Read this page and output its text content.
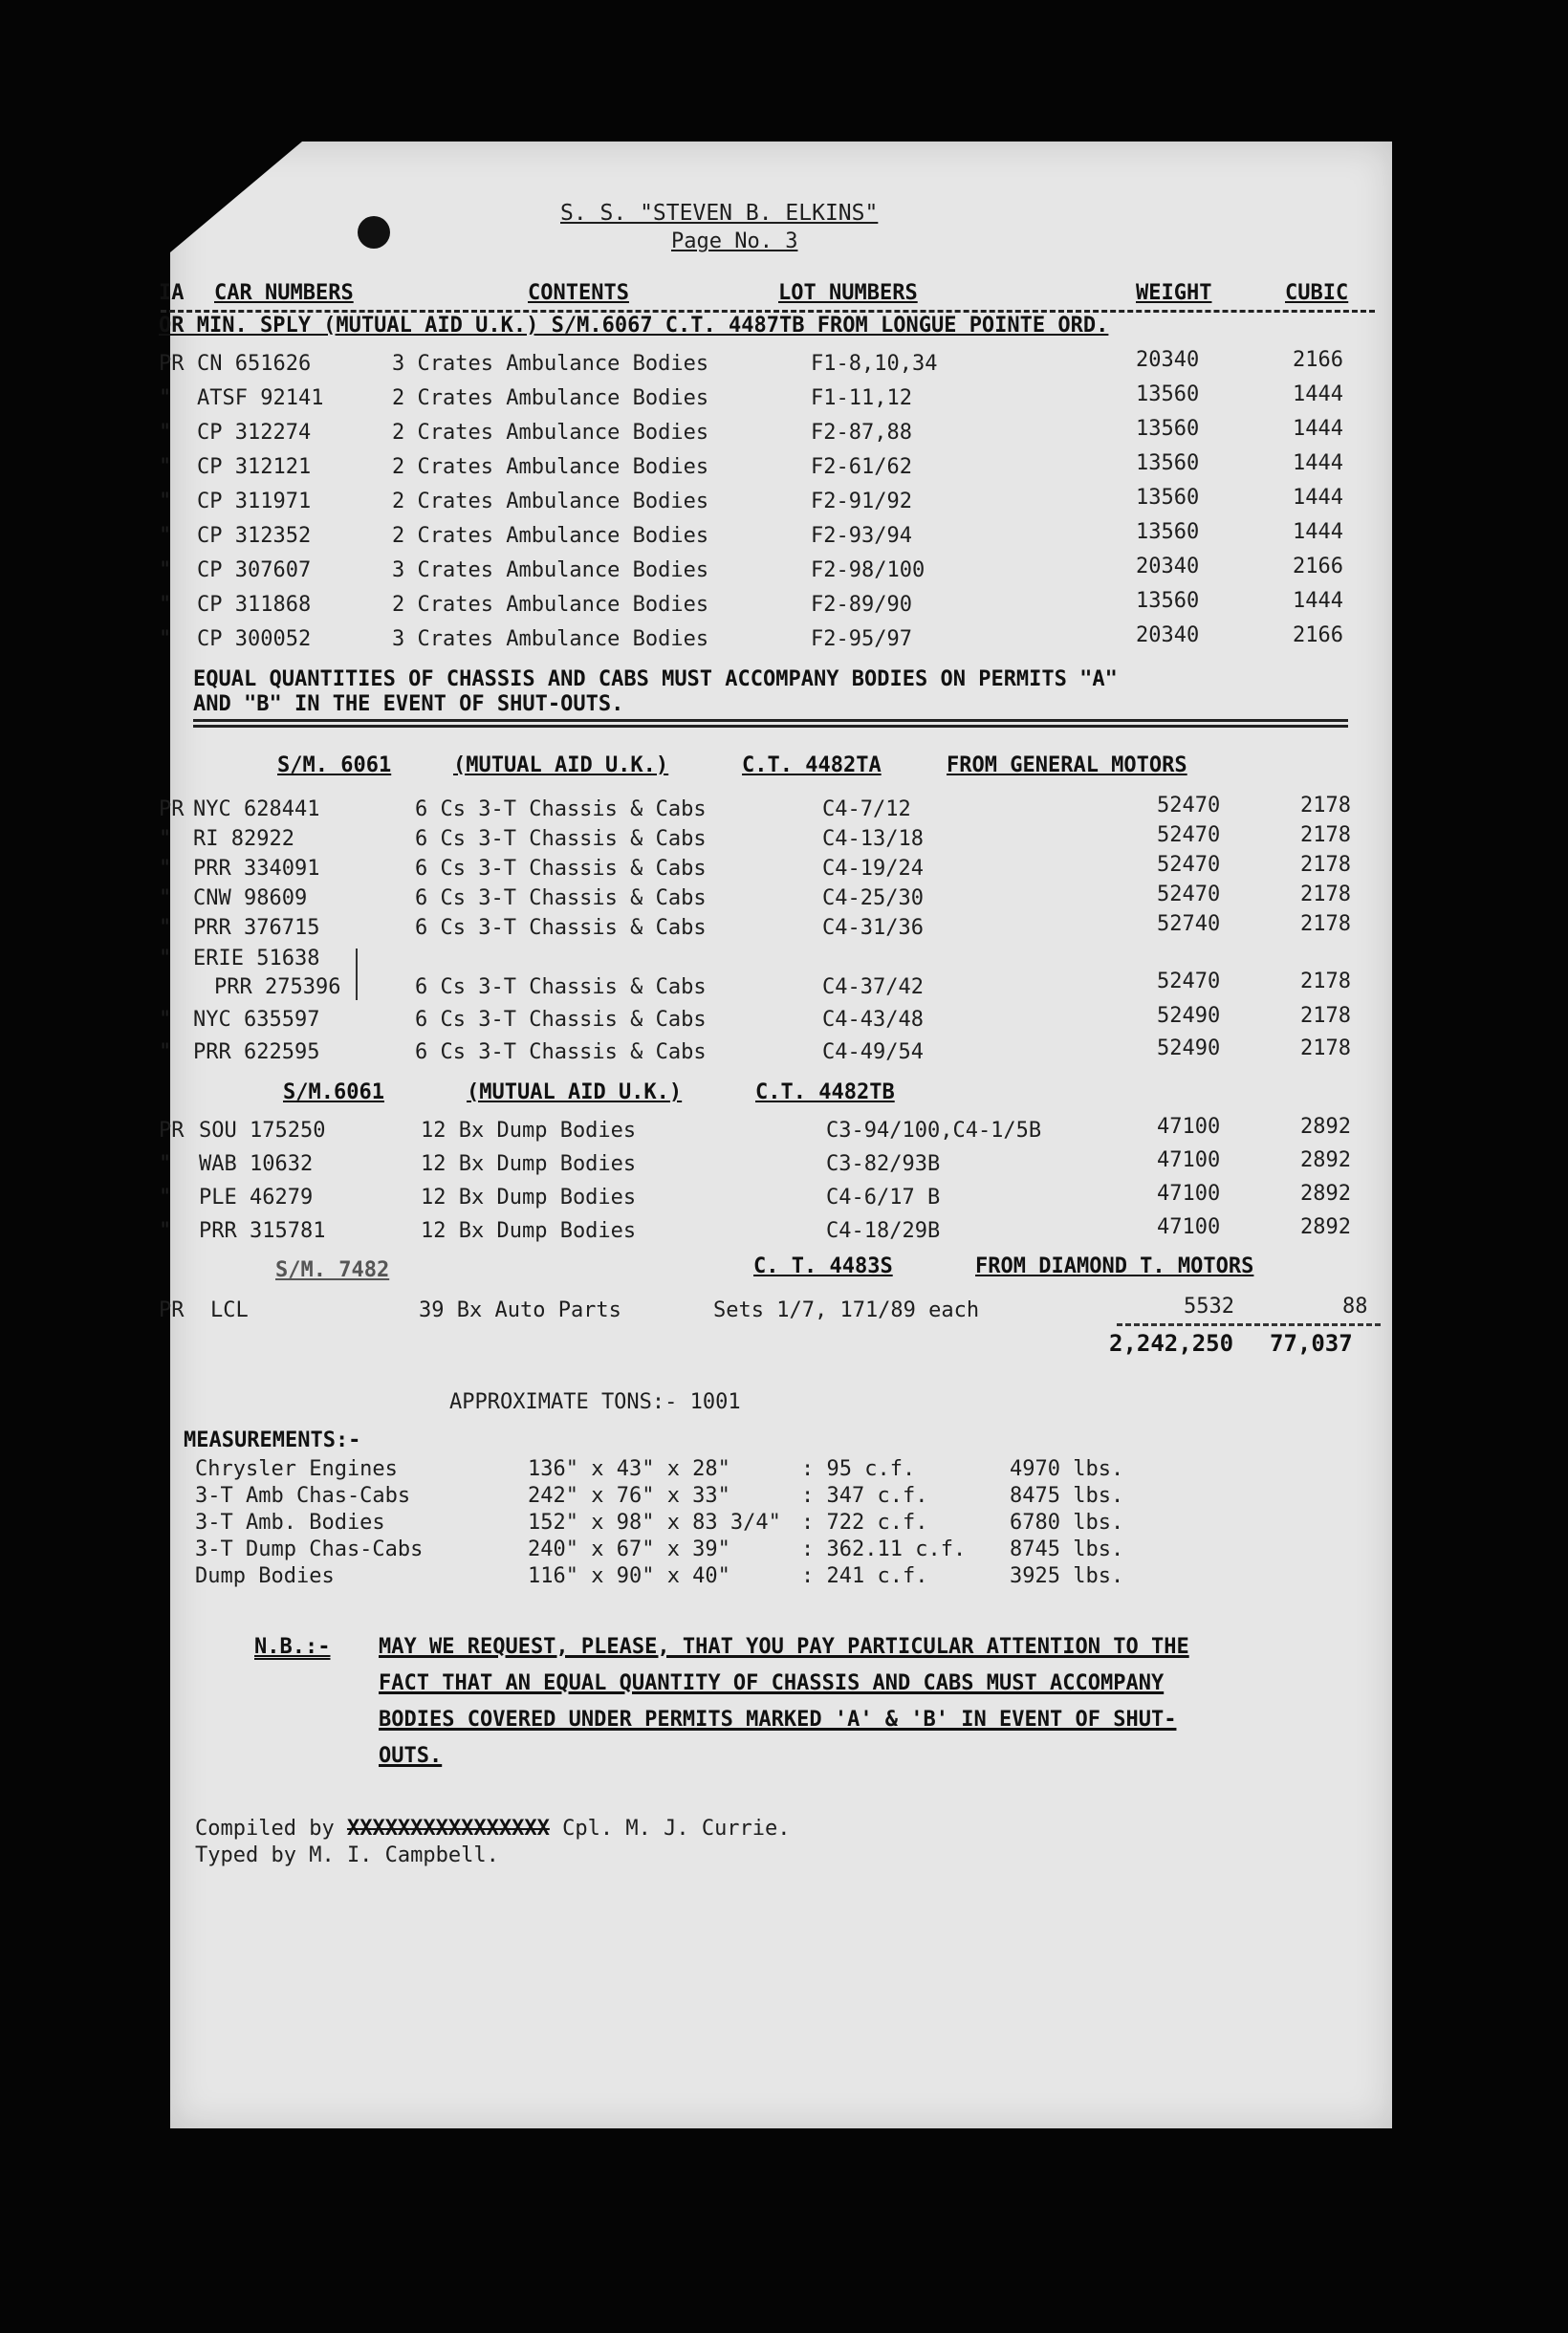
S. S. "STEVEN B. ELKINS"
Page No. 3
IA CAR NUMBERS	CONTENTS	LOT NUMBERS	WEIGHT	CUBIC
OR MIN. SPLY (MUTUAL AID U.K.) S/M.6067 C.T. 4487TB FROM LONGUE POINTE ORD.
PR CN 651626	3 Crates Ambulance Bodies	F1-8,10,34	20340	2166
" ATSF 92141	2 Crates Ambulance Bodies	F1-11,12	13560	1444
" CP 312274	2 Crates Ambulance Bodies	F2-87,88	13560	1444
" CP 312121	2 Crates Ambulance Bodies	F2-61/62	13560	1444
" CP 311971	2 Crates Ambulance Bodies	F2-91/92	13560	1444
" CP 312352	2 Crates Ambulance Bodies	F2-93/94	13560	1444
" CP 307607	3 Crates Ambulance Bodies	F2-98/100	20340	2166
" CP 311868	2 Crates Ambulance Bodies	F2-89/90	13560	1444
" CP 300052	3 Crates Ambulance Bodies	F2-95/97	20340	2166
EQUAL QUANTITIES OF CHASSIS AND CABS MUST ACCOMPANY BODIES ON PERMITS "A"
AND "B" IN THE EVENT OF SHUT-OUTS.
S/M. 6061	(MUTUAL AID U.K.)	C.T. 4482TA	FROM GENERAL MOTORS
PR NYC 628441	6 Cs 3-T Chassis & Cabs	C4-7/12	52470	2178
" RI 82922	6 Cs 3-T Chassis & Cabs	C4-13/18	52470	2178
" PRR 334091	6 Cs 3-T Chassis & Cabs	C4-19/24	52470	2178
" CNW 98609	6 Cs 3-T Chassis & Cabs	C4-25/30	52470	2178
" PRR 376715	6 Cs 3-T Chassis & Cabs	C4-31/36	52740	2178
" ERIE 51638
PRR 275396	6 Cs 3-T Chassis & Cabs	C4-37/42	52470	2178
" NYC 635597	6 Cs 3-T Chassis & Cabs	C4-43/48	52490	2178
" PRR 622595	6 Cs 3-T Chassis & Cabs	C4-49/54	52490	2178
S/M.6061	(MUTUAL AID U.K.)	C.T. 4482TB
PR SOU 175250	12 Bx Dump Bodies	C3-94/100,C4-1/5B	47100	2892
" WAB 10632	12 Bx Dump Bodies	C3-82/93B	47100	2892
" PLE 46279	12 Bx Dump Bodies	C4-6/17 B	47100	2892
" PRR 315781	12 Bx Dump Bodies	C4-18/29B	47100	2892
S/M. 7482	C. T. 4483S	FROM DIAMOND T. MOTORS
PR LCL	39 Bx Auto Parts	Sets 1/7, 171/89 each	5532	88
2,242,250 77,037
APPROXIMATE TONS:- 1001
MEASUREMENTS:-
Chrysler Engines	136" x 43" x 28"	: 95 c.f.	4970 lbs.
3-T Amb Chas-Cabs	242" x 76" x 33"	: 347 c.f.	8475 lbs.
3-T Amb. Bodies	152" x 98" x 83 3/4" : 722 c.f.	6780 lbs.
3-T Dump Chas-Cabs	240" x 67" x 39"	: 362.11 c.f. 8745 lbs.
Dump Bodies	116" x 90" x 40"	: 241 c.f.	3925 lbs.
N.B.:- MAY WE REQUEST, PLEASE, THAT YOU PAY PARTICULAR ATTENTION TO THE
FACT THAT AN EQUAL QUANTITY OF CHASSIS AND CABS MUST ACCOMPANY
BODIES COVERED UNDER PERMITS MARKED 'A' & 'B' IN EVENT OF SHUT-
OUTS.
Compiled by XXXXXXXXXXXXXXXX Cpl. M. J. Currie.
Typed by M. I. Campbell.
